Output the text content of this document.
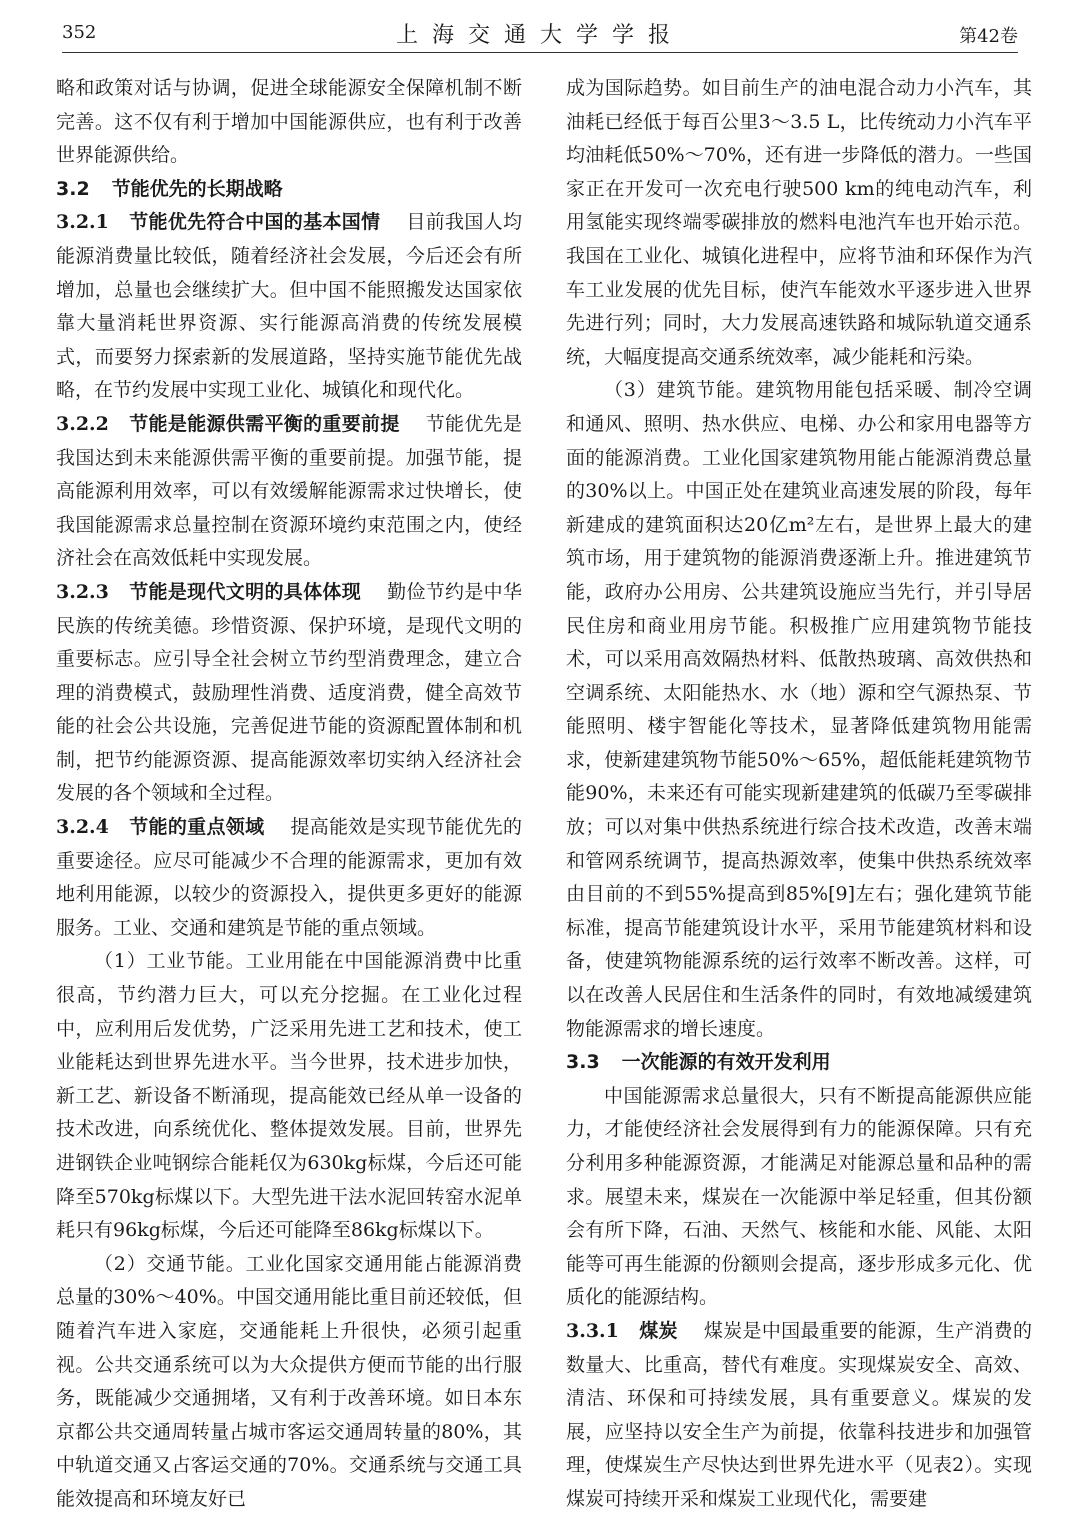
352	上海交通大学学报	第42卷

略和政策对话与协调，促进全球能源安全保障机制不断完善。这不仅有利于增加中国能源供应，也有利于改善世界能源供给。

3.2 节能优先的长期战略

3.2.1 节能优先符合中国的基本国情 目前我国人均能源消费量比较低，随着经济社会发展，今后还会有所增加，总量也会继续扩大。但中国不能照搬发达国家依靠大量消耗世界资源、实行能源高消费的传统发展模式，而要努力探索新的发展道路，坚持实施节能优先战略，在节约发展中实现工业化、城镇化和现代化。

3.2.2 节能是能源供需平衡的重要前提 节能优先是我国达到未来能源供需平衡的重要前提。加强节能，提高能源利用效率，可以有效缓解能源需求过快增长，使我国能源需求总量控制在资源环境约束范围之内，使经济社会在高效低耗中实现发展。

3.2.3 节能是现代文明的具体体现 勤俭节约是中华民族的传统美德。珍惜资源、保护环境，是现代文明的重要标志。应引导全社会树立节约型消费理念，建立合理的消费模式，鼓励理性消费、适度消费，健全高效节能的社会公共设施，完善促进节能的资源配置体制和机制，把节约能源资源、提高能源效率切实纳入经济社会发展的各个领域和全过程。

3.2.4 节能的重点领域 提高能效是实现节能优先的重要途径。应尽可能减少不合理的能源需求，更加有效地利用能源，以较少的资源投入，提供更多更好的能源服务。工业、交通和建筑是节能的重点领域。

（1）工业节能。工业用能在中国能源消费中比重很高，节约潜力巨大，可以充分挖掘。在工业化过程中，应利用后发优势，广泛采用先进工艺和技术，使工业能耗达到世界先进水平。当今世界，技术进步加快，新工艺、新设备不断涌现，提高能效已经从单一设备的技术改进，向系统优化、整体提效发展。目前，世界先进钢铁企业吨钢综合能耗仅为630kg标煤，今后还可能降至570kg标煤以下。大型先进干法水泥回转窑水泥单耗只有96kg标煤，今后还可能降至86kg标煤以下。

（2）交通节能。工业化国家交通用能占能源消费总量的30%～40%。中国交通用能比重目前还较低，但随着汽车进入家庭，交通能耗上升很快，必须引起重视。公共交通系统可以为大众提供方便而节能的出行服务，既能减少交通拥堵，又有利于改善环境。如日本东京都公共交通周转量占城市客运交通周转量的80%，其中轨道交通又占客运交通的70%。交通系统与交通工具能效提高和环境友好已

成为国际趋势。如目前生产的油电混合动力小汽车，其油耗已经低于每百公里3～3.5 L，比传统动力小汽车平均油耗低50%～70%，还有进一步降低的潜力。一些国家正在开发可一次充电行驶500 km的纯电动汽车，利用氢能实现终端零碳排放的燃料电池汽车也开始示范。我国在工业化、城镇化进程中，应将节油和环保作为汽车工业发展的优先目标，使汽车能效水平逐步进入世界先进行列；同时，大力发展高速铁路和城际轨道交通系统，大幅度提高交通系统效率，减少能耗和污染。

（3）建筑节能。建筑物用能包括采暖、制冷空调和通风、照明、热水供应、电梯、办公和家用电器等方面的能源消费。工业化国家建筑物用能占能源消费总量的30%以上。中国正处在建筑业高速发展的阶段，每年新建成的建筑面积达20亿m²左右，是世界上最大的建筑市场，用于建筑物的能源消费逐渐上升。推进建筑节能，政府办公用房、公共建筑设施应当先行，并引导居民住房和商业用房节能。积极推广应用建筑物节能技术，可以采用高效隔热材料、低散热玻璃、高效供热和空调系统、太阳能热水、水（地）源和空气源热泵、节能照明、楼宇智能化等技术，显著降低建筑物用能需求，使新建建筑物节能50%～65%，超低能耗建筑物节能90%，未来还有可能实现新建建筑的低碳乃至零碳排放；可以对集中供热系统进行综合技术改造，改善末端和管网系统调节，提高热源效率，使集中供热系统效率由目前的不到55%提高到85%[9]左右；强化建筑节能标准，提高节能建筑设计水平，采用节能建筑材料和设备，使建筑物能源系统的运行效率不断改善。这样，可以在改善人民居住和生活条件的同时，有效地减缓建筑物能源需求的增长速度。

3.3 一次能源的有效开发利用

中国能源需求总量很大，只有不断提高能源供应能力，才能使经济社会发展得到有力的能源保障。只有充分利用多种能源资源，才能满足对能源总量和品种的需求。展望未来，煤炭在一次能源中举足轻重，但其份额会有所下降，石油、天然气、核能和水能、风能、太阳能等可再生能源的份额则会提高，逐步形成多元化、优质化的能源结构。

3.3.1 煤炭 煤炭是中国最重要的能源，生产消费的数量大、比重高，替代有难度。实现煤炭安全、高效、清洁、环保和可持续发展，具有重要意义。煤炭的发展，应坚持以安全生产为前提，依靠科技进步和加强管理，使煤炭生产尽快达到世界先进水平（见表2）。实现煤炭可持续开采和煤炭工业现代化，需要建
